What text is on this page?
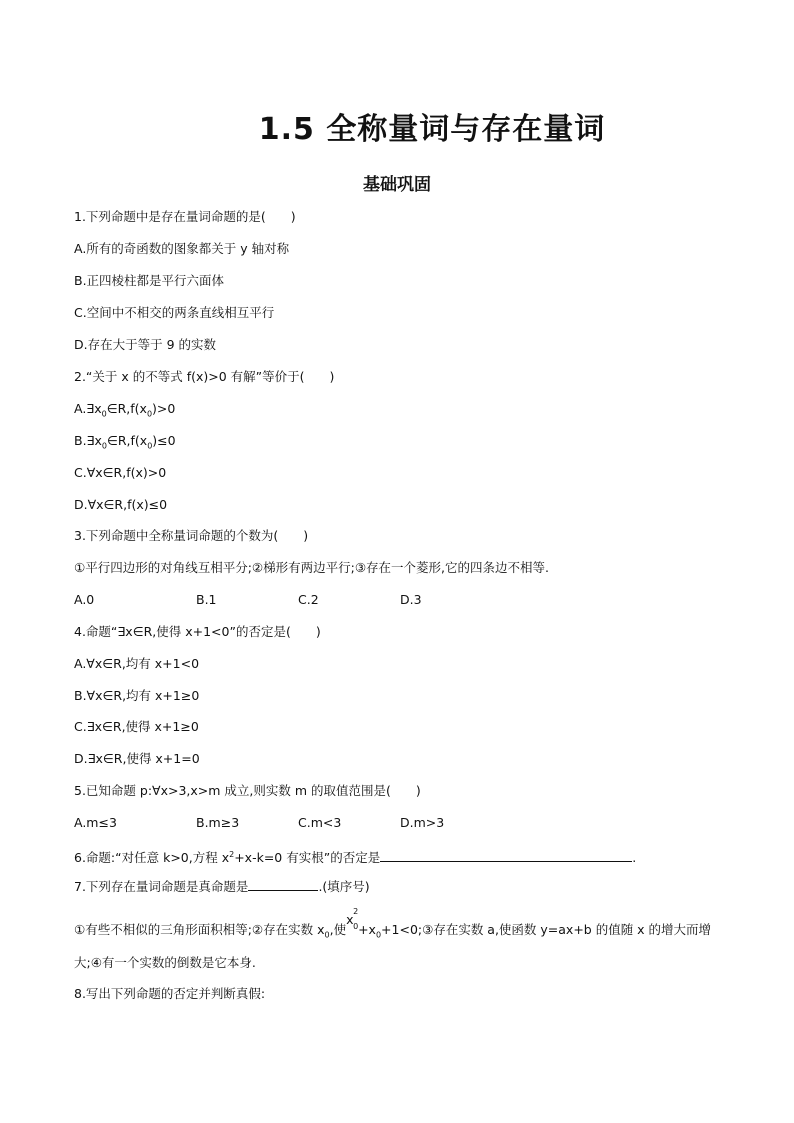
1.5 全称量词与存在量词
基础巩固
1.下列命题中是存在量词命题的是(　　)
A.所有的奇函数的图象都关于 y 轴对称
B.正四棱柱都是平行六面体
C.空间中不相交的两条直线相互平行
D.存在大于等于 9 的实数
2.“关于 x 的不等式 f(x)>0 有解”等价于(　　)
$A.\exists x_0\in R,f(x_0)>0$
$B.\exists x_0\in R,f(x_0)\le 0$
C.∀x∈R,f(x)>0
D.∀x∈R,f(x)≤0
3.下列命题中全称量词命题的个数为(　　)
①平行四边形的对角线互相平分;②梯形有两边平行;③存在一个菱形,它的四条边不相等.
A.0	B.1	C.2	D.3
4.命题“∃x∈R,使得 x+1<0”的否定是(　　)
A.∀x∈R,均有 x+1<0
B.∀x∈R,均有 x+1≥0
C.∃x∈R,使得 x+1≥0
D.∃x∈R,使得 x+1=0
5.已知命题 p:∀x>3,x>m 成立,则实数 m 的取值范围是(　　)
A.m≤3	B.m≥3	C.m<3	D.m>3
6.命题:“对任意 k>0,方程 $x^2+x-k=0$ 有实根”的否定是	.
7.下列存在量词命题是真命题是	.(填序号)
①有些不相似的三角形面积相等;②存在实数 $x_0$,使
x
2
$0 +x_0+1<0;③$存在实数 a,使函数 y=ax+b 的值随 x 的增大而增大;④有一个实数的倒数是它本身.
8.写出下列命题的否定并判断真假:
